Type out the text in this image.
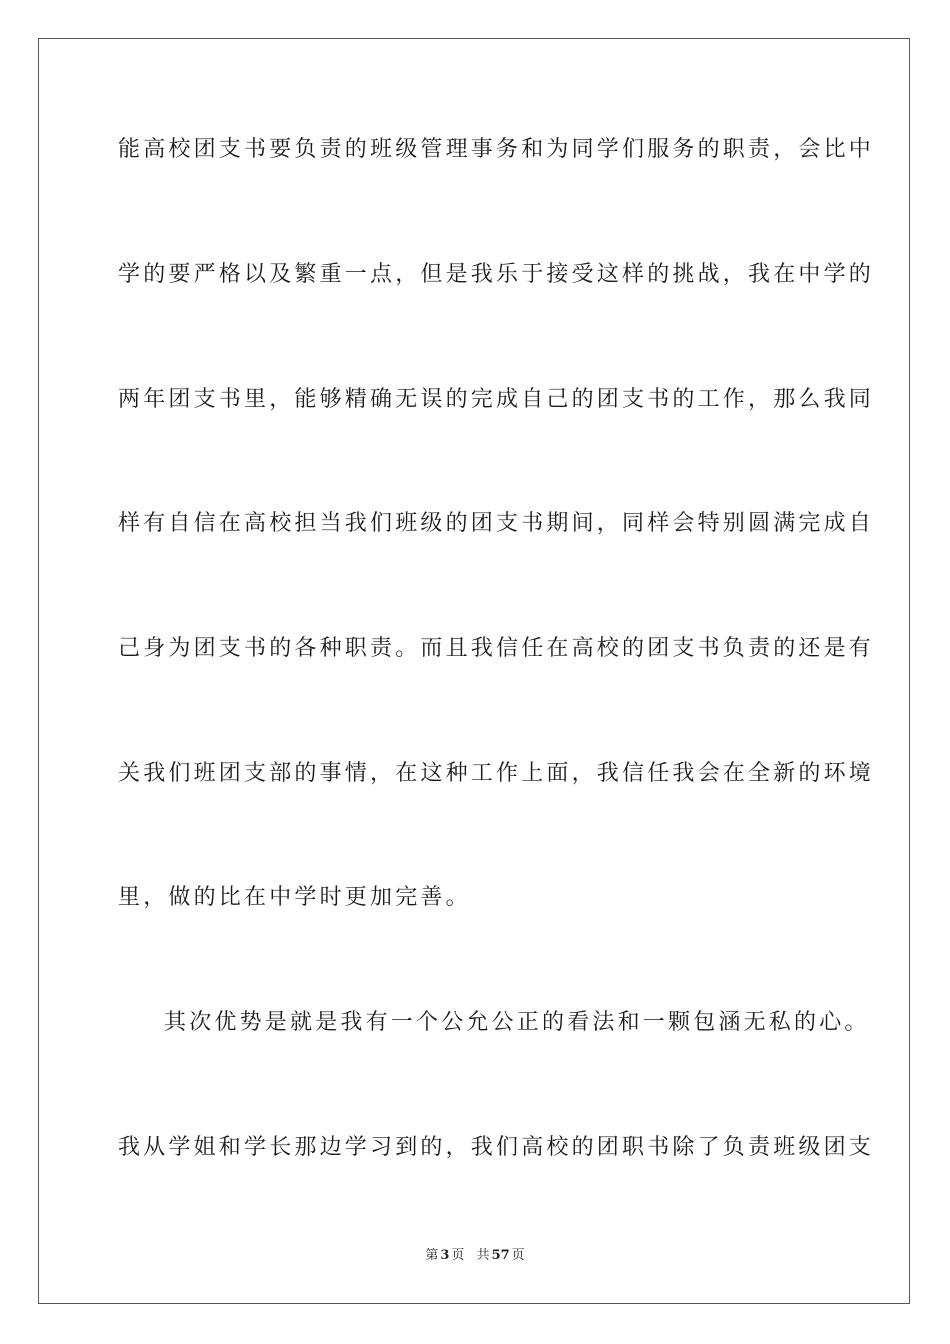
能高校团支书要负责的班级管理事务和为同学们服务的职责，会比中
学的要严格以及繁重一点，但是我乐于接受这样的挑战，我在中学的
两年团支书里，能够精确无误的完成自己的团支书的工作，那么我同
样有自信在高校担当我们班级的团支书期间，同样会特别圆满完成自
己身为团支书的各种职责。而且我信任在高校的团支书负责的还是有
关我们班团支部的事情，在这种工作上面，我信任我会在全新的环境
里，做的比在中学时更加完善。
其次优势是就是我有一个公允公正的看法和一颗包涵无私的心。
我从学姐和学长那边学习到的，我们高校的团职书除了负责班级团支
第 3 页 共 57 页
